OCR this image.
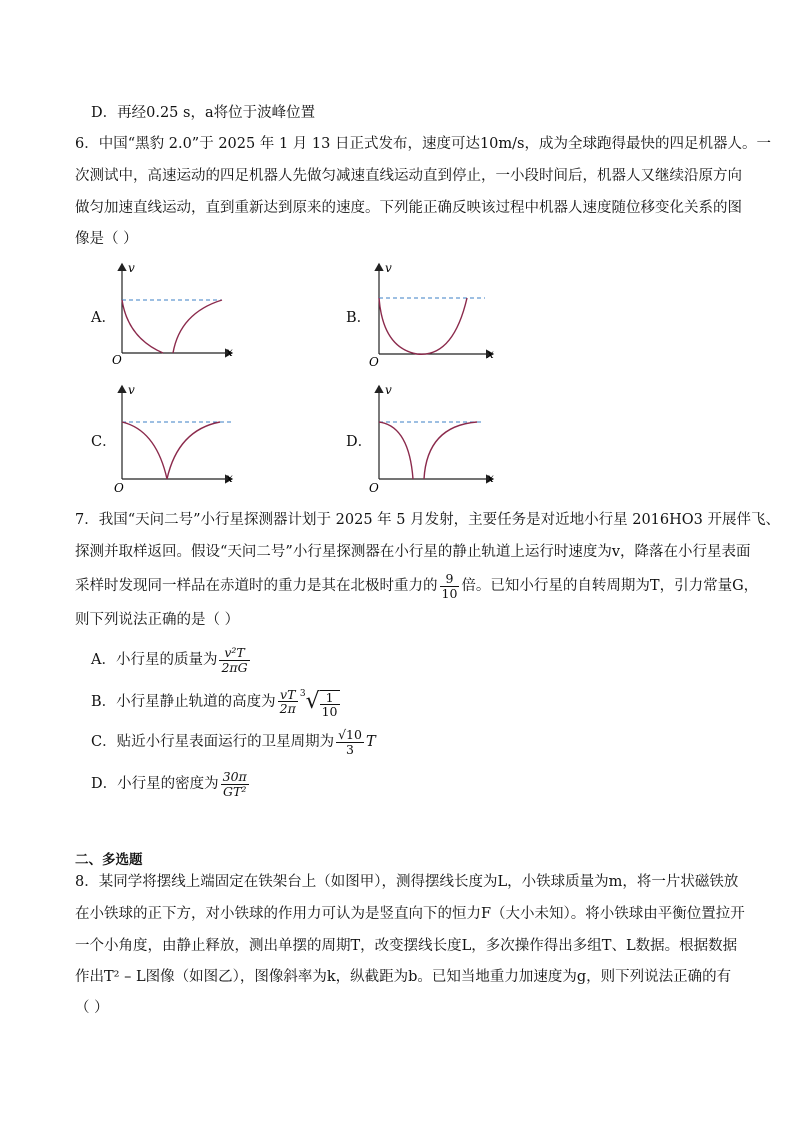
D．再经0.25 s，a将位于波峰位置
6．中国“黑豹 2.0”于 2025 年 1 月 13 日正式发布，速度可达10m/s，成为全球跑得最快的四足机器人。一
次测试中，高速运动的四足机器人先做匀减速直线运动直到停止，一小段时间后，机器人又继续沿原方向
做匀加速直线运动，直到重新达到原来的速度。下列能正确反映该过程中机器人速度随位移变化关系的图
像是（ ）
A．
v
x
O
B．
v
x
O
C．
v
x
O
D．
v
x
O
7．我国“天问二号”小行星探测器计划于 2025 年 5 月发射，主要任务是对近地小行星 2016HO3 开展伴飞、
探测并取样返回。假设“天问二号”小行星探测器在小行星的静止轨道上运行时速度为v，降落在小行星表面
采样时发现同一样品在赤道时的重力是其在北极时重力的 $\frac{9}{10}$ 倍。已知小行星的自转周期为T，引力常量G，
则下列说法正确的是（ ）
A．小行星的质量为 $\frac{\text{v²T}}{2\pi G}$
B．小行星静止轨道的高度为 $\frac{vT}{2\pi} ^3√ \frac{1}{10}$
C．贴近小行星表面运行的卫星周期为 $\frac{√10}{3}$ T
D．小行星的密度为 $\frac{30\pi}{\text{GT²}}$
二、多选题
8．某同学将摆线上端固定在铁架台上（如图甲），测得摆线长度为L，小铁球质量为m，将一片状磁铁放
在小铁球的正下方，对小铁球的作用力可认为是竖直向下的恒力F（大小未知）。将小铁球由平衡位置拉开
一个小角度，由静止释放，测出单摆的周期T，改变摆线长度L，多次操作得出多组T、L数据。根据数据
作出T² – L图像（如图乙），图像斜率为k，纵截距为b。已知当地重力加速度为g，则下列说法正确的有
（ ）
